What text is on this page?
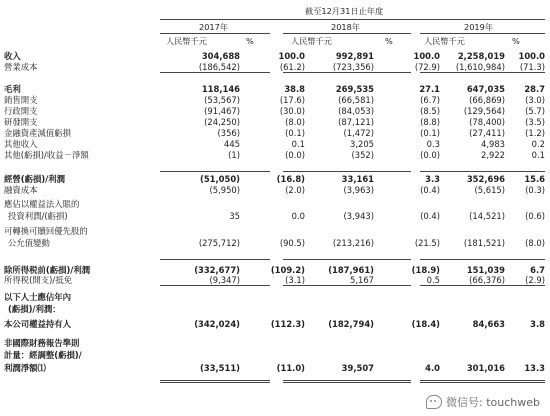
截至12月31日止年度
2017年	2018年	2019年
人民幣千元	%	人民幣千元	%	人民幣千元	%
收入	304,688	100.0	992,891	100.0	2,258,019	100.0
營業成本	(186,542)	(61.2)	(723,356)	(72.9)	(1,610,984)	(71.3)
毛利	118,146	38.8	269,535	27.1	647,035	28.7
銷售開支	(53,567)	(17.6)	(66,581)	(6.7)	(66,869)	(3.0)
行政開支	(91,467)	(30.0)	(84,053)	(8.5)	(129,564)	(5.7)
研發開支	(24,250)	(8.0)	(87,121)	(8.8)	(78,400)	(3.5)
金融資產減值虧損	(356)	(0.1)	(1,472)	(0.1)	(27,411)	(1.2)
其他收入	445	0.1	3,205	0.3	4,983	0.2
其他(虧損)/收益－淨額	(1)	(0.0)	(352)	(0.0)	2,922	0.1
經營(虧損)/利潤	(51,050)	(16.8)	33,161	3.3	352,696	15.6
融資成本	(5,950)	(2.0)	(3,963)	(0.4)	(5,615)	(0.3)
應佔以權益法入賬的
投資利潤/(虧損)	35	0.0	(3,943)	(0.4)	(14,521)	(0.6)
可轉換可贖回優先股的
公允值變動	(275,712)	(90.5)	(213,216)	(21.5)	(181,521)	(8.0)
除所得税前(虧損)/利潤	(332,677)	(109.2)	(187,961)	(18.9)	151,039	6.7
所得税(開支)/抵免	(9,347)	(3.1)	5,167	0.5	(66,376)	(2.9)
以下人士應佔年內
(虧損)/利潤：
本公司權益持有人	(342,024)	(112.3)	(182,794)	(18.4)	84,663	3.8
非國際財務報告準則
計量：經調整(虧損)/
利潤淨額⑴	(33,511)	(11.0)	39,507	4.0	301,016	13.3
微信号: touchweb
